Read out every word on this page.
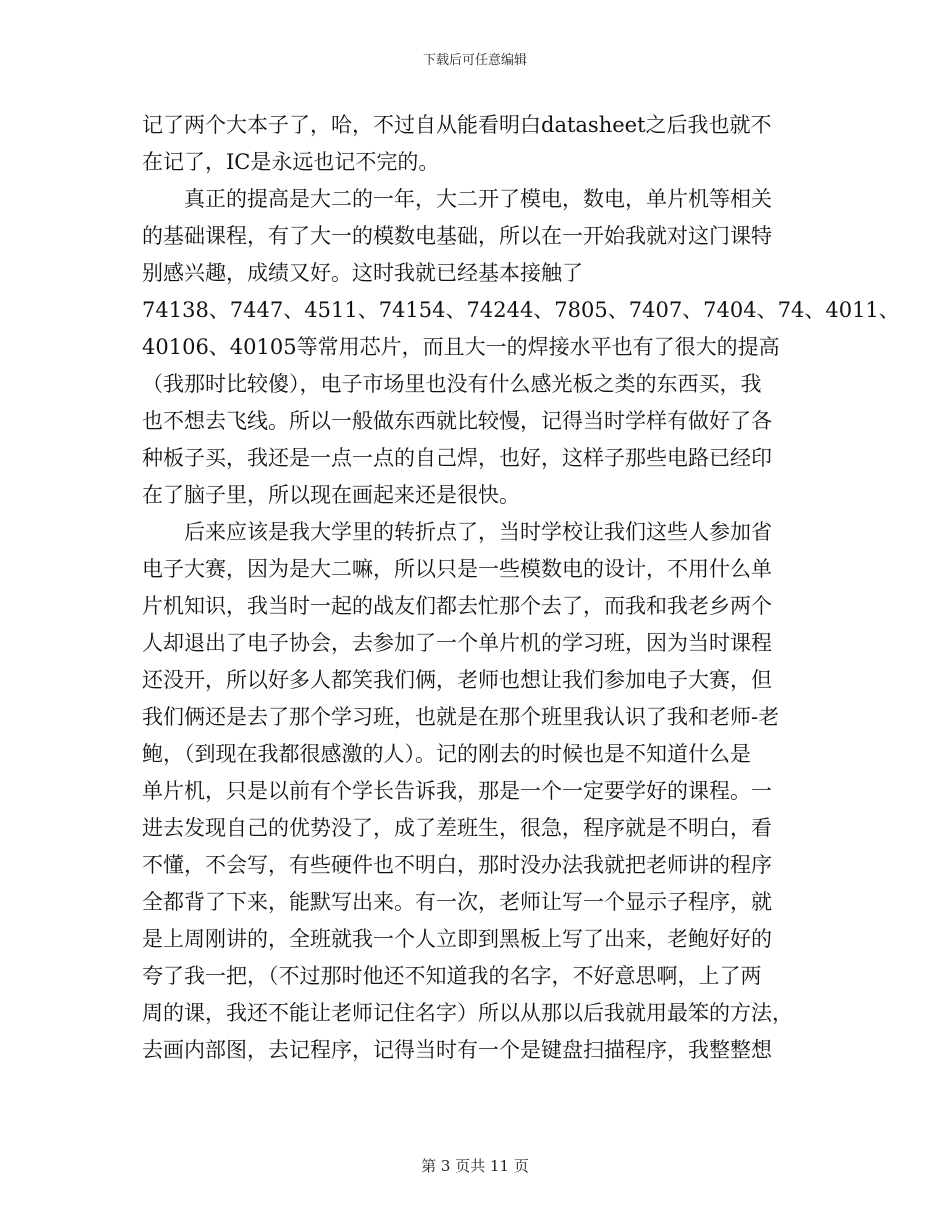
下载后可任意编辑
记了两个大本子了，哈，不过自从能看明白datasheet之后我也就不
在记了，IC是永远也记不完的。
真正的提高是大二的一年，大二开了模电，数电，单片机等相关
的基础课程，有了大一的模数电基础，所以在一开始我就对这门课特
别感兴趣，成绩又好。这时我就已经基本接触了
74138、7447、4511、74154、74244、7805、7407、7404、74、4011、
40106、40105等常用芯片，而且大一的焊接水平也有了很大的提高
（我那时比较傻），电子市场里也没有什么感光板之类的东西买，我
也不想去飞线。所以一般做东西就比较慢，记得当时学样有做好了各
种板子买，我还是一点一点的自己焊，也好，这样子那些电路已经印
在了脑子里，所以现在画起来还是很快。
后来应该是我大学里的转折点了，当时学校让我们这些人参加省
电子大赛，因为是大二嘛，所以只是一些模数电的设计，不用什么单
片机知识，我当时一起的战友们都去忙那个去了，而我和我老乡两个
人却退出了电子协会，去参加了一个单片机的学习班，因为当时课程
还没开，所以好多人都笑我们俩，老师也想让我们参加电子大赛，但
我们俩还是去了那个学习班，也就是在那个班里我认识了我和老师-老
鲍，（到现在我都很感激的人）。记的刚去的时候也是不知道什么是
单片机，只是以前有个学长告诉我，那是一个一定要学好的课程。一
进去发现自己的优势没了，成了差班生，很急，程序就是不明白，看
不懂，不会写，有些硬件也不明白，那时没办法我就把老师讲的程序
全都背了下来，能默写出来。有一次，老师让写一个显示子程序，就
是上周刚讲的，全班就我一个人立即到黑板上写了出来，老鲍好好的
夸了我一把，（不过那时他还不知道我的名字，不好意思啊，上了两
周的课，我还不能让老师记住名字）所以从那以后我就用最笨的方法，
去画内部图，去记程序，记得当时有一个是键盘扫描程序，我整整想
第 3 页共 11 页
